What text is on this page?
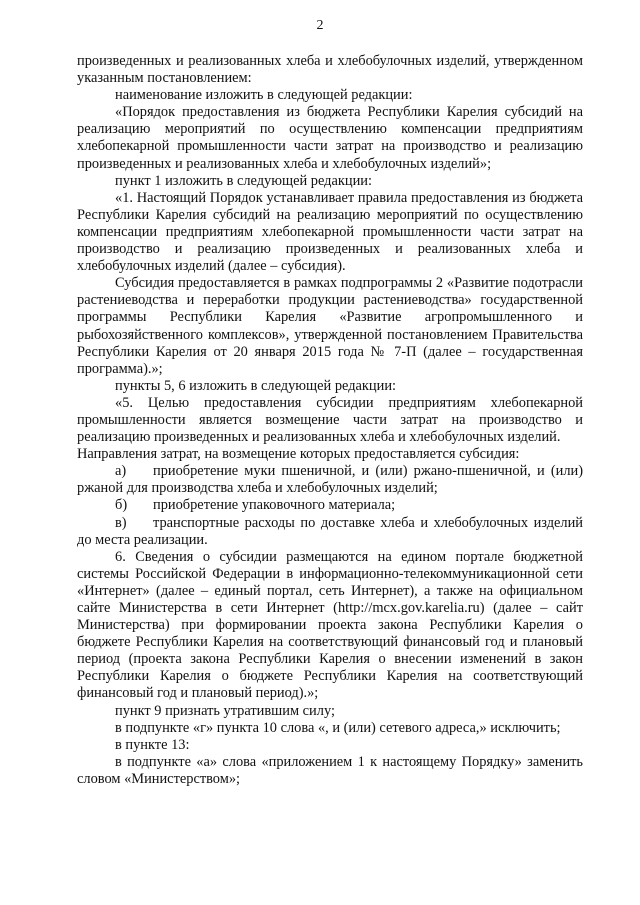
2

произведенных и реализованных хлеба и хлебобулочных изделий, утвержденном указанным постановлением:

наименование изложить в следующей редакции:

«Порядок предоставления из бюджета Республики Карелия субсидий на реализацию мероприятий по осуществлению компенсации предприятиям хлебопекарной промышленности части затрат на производство и реализацию произведенных и реализованных хлеба и хлебобулочных изделий»;

пункт 1 изложить в следующей редакции:

«1. Настоящий Порядок устанавливает правила предоставления из бюджета Республики Карелия субсидий на реализацию мероприятий по осуществлению компенсации предприятиям хлебопекарной промышленности части затрат на производство и реализацию произведенных и реализованных хлеба и хлебобулочных изделий (далее – субсидия).

Субсидия предоставляется в рамках подпрограммы 2 «Развитие подотрасли растениеводства и переработки продукции растениеводства» государственной программы Республики Карелия «Развитие агропромышленного и рыбохозяйственного комплексов», утвержденной постановлением Правительства Республики Карелия от 20 января 2015 года № 7-П (далее – государственная программа).»;

пункты 5, 6 изложить в следующей редакции:

«5. Целью предоставления субсидии предприятиям хлебопекарной промышленности является возмещение части затрат на производство и реализацию произведенных и реализованных хлеба и хлебобулочных изделий.

Направления затрат, на возмещение которых предоставляется субсидия:

а) приобретение муки пшеничной, и (или) ржано-пшеничной, и (или) ржаной для производства хлеба и хлебобулочных изделий;

б) приобретение упаковочного материала;

в) транспортные расходы по доставке хлеба и хлебобулочных изделий до места реализации.

6. Сведения о субсидии размещаются на едином портале бюджетной системы Российской Федерации в информационно-телекоммуникационной сети «Интернет» (далее – единый портал, сеть Интернет), а также на официальном сайте Министерства в сети Интернет (http://mcx.gov.karelia.ru) (далее – сайт Министерства) при формировании проекта закона Республики Карелия о бюджете Республики Карелия на соответствующий финансовый год и плановый период (проекта закона Республики Карелия о внесении изменений в закон Республики Карелия о бюджете Республики Карелия на соответствующий финансовый год и плановый период).»;

пункт 9 признать утратившим силу;

в подпункте «г» пункта 10 слова «, и (или) сетевого адреса,» исключить;

в пункте 13:

в подпункте «а» слова «приложением 1 к настоящему Порядку» заменить словом «Министерством»;
